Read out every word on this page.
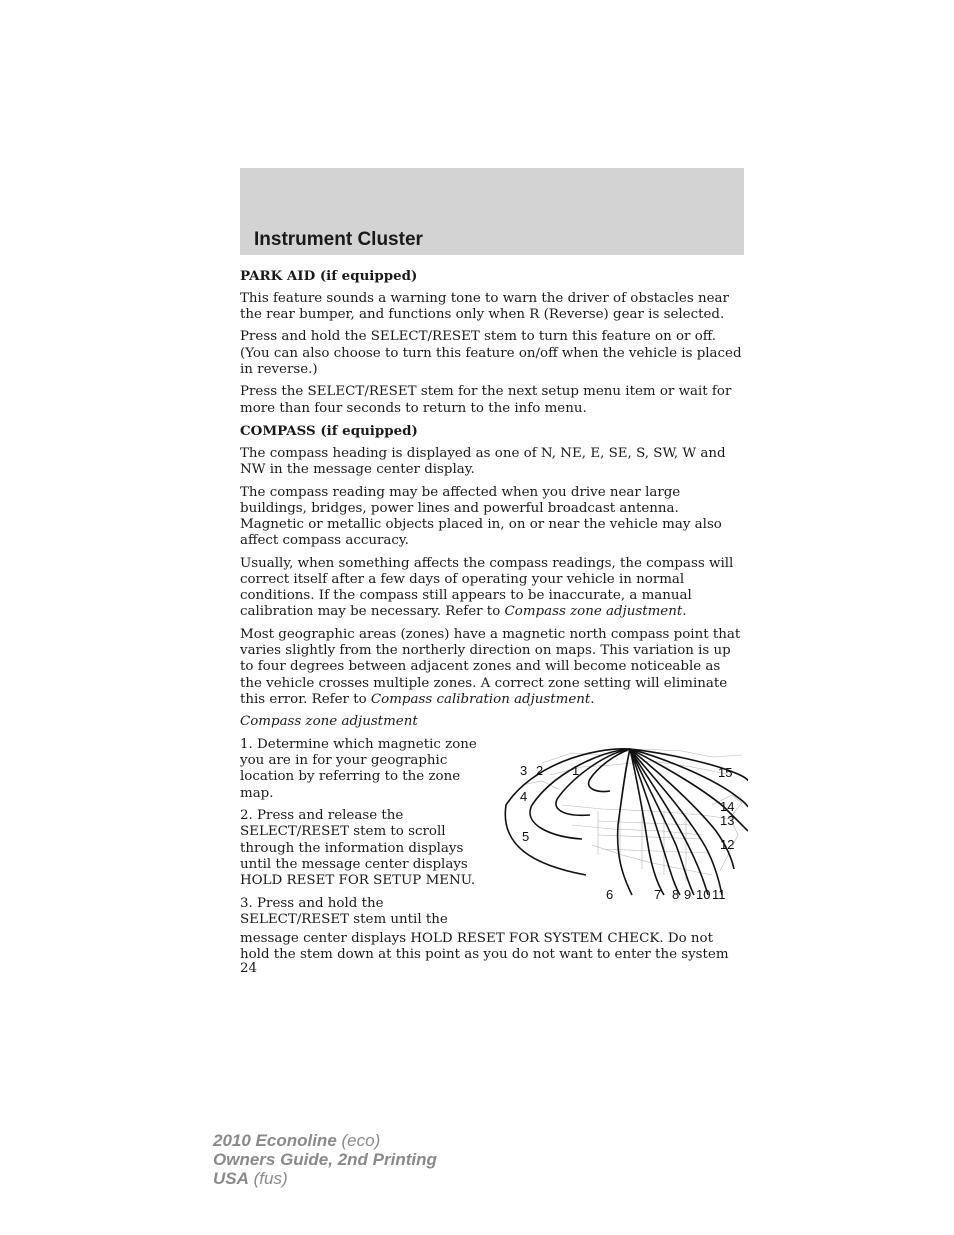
Instrument Cluster
PARK AID (if equipped)

This feature sounds a warning tone to warn the driver of obstacles near the rear bumper, and functions only when R (Reverse) gear is selected.

Press and hold the SELECT/RESET stem to turn this feature on or off. (You can also choose to turn this feature on/off when the vehicle is placed in reverse.)

Press the SELECT/RESET stem for the next setup menu item or wait for more than four seconds to return to the info menu.

COMPASS (if equipped)

The compass heading is displayed as one of N, NE, E, SE, S, SW, W and NW in the message center display.

The compass reading may be affected when you drive near large buildings, bridges, power lines and powerful broadcast antenna. Magnetic or metallic objects placed in, on or near the vehicle may also affect compass accuracy.

Usually, when something affects the compass readings, the compass will correct itself after a few days of operating your vehicle in normal conditions. If the compass still appears to be inaccurate, a manual calibration may be necessary. Refer to Compass zone adjustment.

Most geographic areas (zones) have a magnetic north compass point that varies slightly from the northerly direction on maps. This variation is up to four degrees between adjacent zones and will become noticeable as the vehicle crosses multiple zones. A correct zone setting will eliminate this error. Refer to Compass calibration adjustment.

Compass zone adjustment

1. Determine which magnetic zone you are in for your geographic location by referring to the zone map.

2. Press and release the SELECT/RESET stem to scroll through the information displays until the message center displays HOLD RESET FOR SETUP MENU.

3. Press and hold the SELECT/RESET stem until the

3 2 1
4
5
6	7 8 9 10 11
12
13
14
15

message center displays HOLD RESET FOR SYSTEM CHECK. Do not hold the stem down at this point as you do not want to enter the system

24
2010 Econoline (eco)
Owners Guide, 2nd Printing
USA (fus)
